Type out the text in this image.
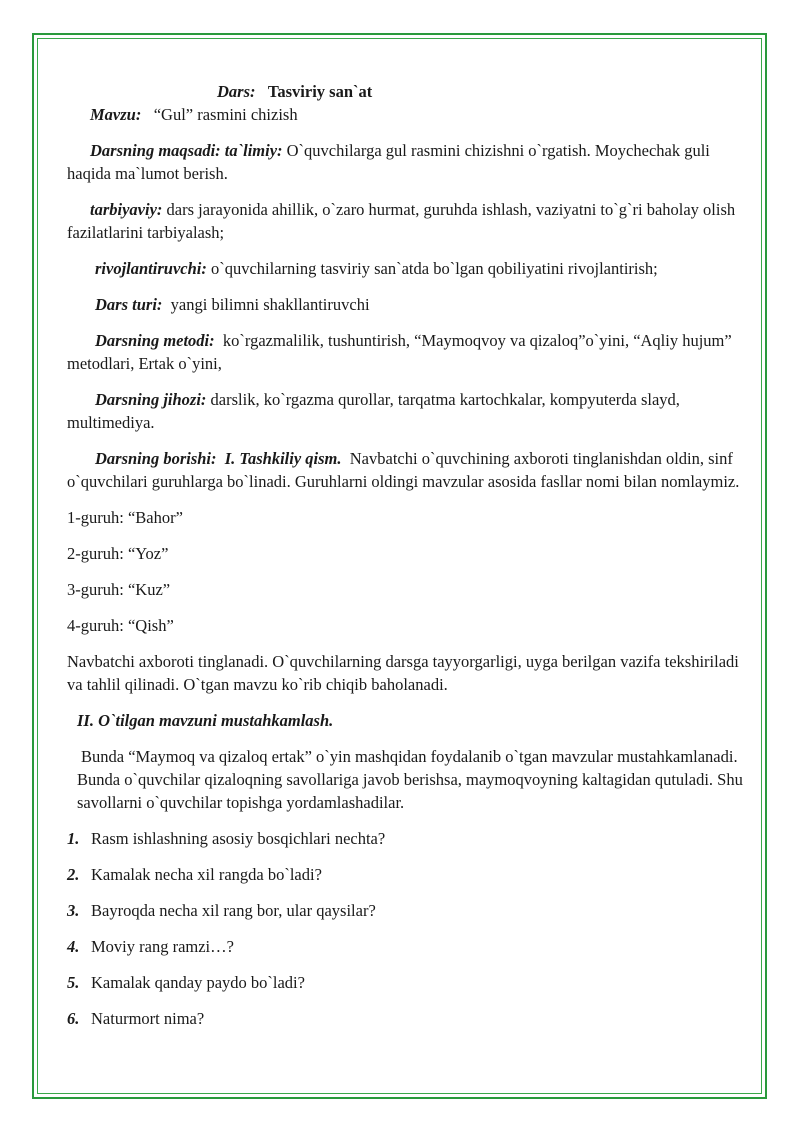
Dars: Tasviriy san`at

Mavzu: “Gul” rasmini chizish

Darsning maqsadi: ta`limiy: O`quvchilarga gul rasmini chizishni o`rgatish. Moychechak guli haqida ma`lumot berish.

tarbiyaviy: dars jarayonida ahillik, o`zaro hurmat, guruhda ishlash, vaziyatni to`g`ri baholay olish fazilatlarini tarbiyalash;

rivojlantiruvchi: o`quvchilarning tasviriy san`atda bo`lgan qobiliyatini rivojlantirish;

Dars turi: yangi bilimni shakllantiruvchi

Darsning metodi: ko`rgazmalilik, tushuntirish, “Maymoqvoy va qizaloq”o`yini, “Aqliy hujum” metodlari, Ertak o`yini,

Darsning jihozi: darslik, ko`rgazma qurollar, tarqatma kartochkalar, kompyuterda slayd, multimediya.

Darsning borishi: I. Tashkiliy qism. Navbatchi o`quvchining axboroti tinglanishdan oldin, sinf o`quvchilari guruhlarga bo`linadi. Guruhlarni oldingi mavzular asosida fasllar nomi bilan nomlaymiz.

1-guruh: “Bahor”

2-guruh: “Yoz”

3-guruh: “Kuz”

4-guruh: “Qish”

Navbatchi axboroti tinglanadi. O`quvchilarning darsga tayyorgarligi, uyga berilgan vazifa tekshiriladi va tahlil qilinadi. O`tgan mavzu ko`rib chiqib baholanadi.

II. O`tilgan mavzuni mustahkamlash.

Bunda “Maymoq va qizaloq ertak” o`yin mashqidan foydalanib o`tgan mavzular mustahkamlanadi. Bunda o`quvchilar qizaloqning savollariga javob berishsa, maymoqvoyning kaltagidan qutuladi. Shu savollarni o`quvchilar topishga yordamlashadilar.

1. Rasm ishlashning asosiy bosqichlari nechta?
2. Kamalak necha xil rangda bo`ladi?
3. Bayroqda necha xil rang bor, ular qaysilar?
4. Moviy rang ramzi…?
5. Kamalak qanday paydo bo`ladi?
6. Naturmort nima?
